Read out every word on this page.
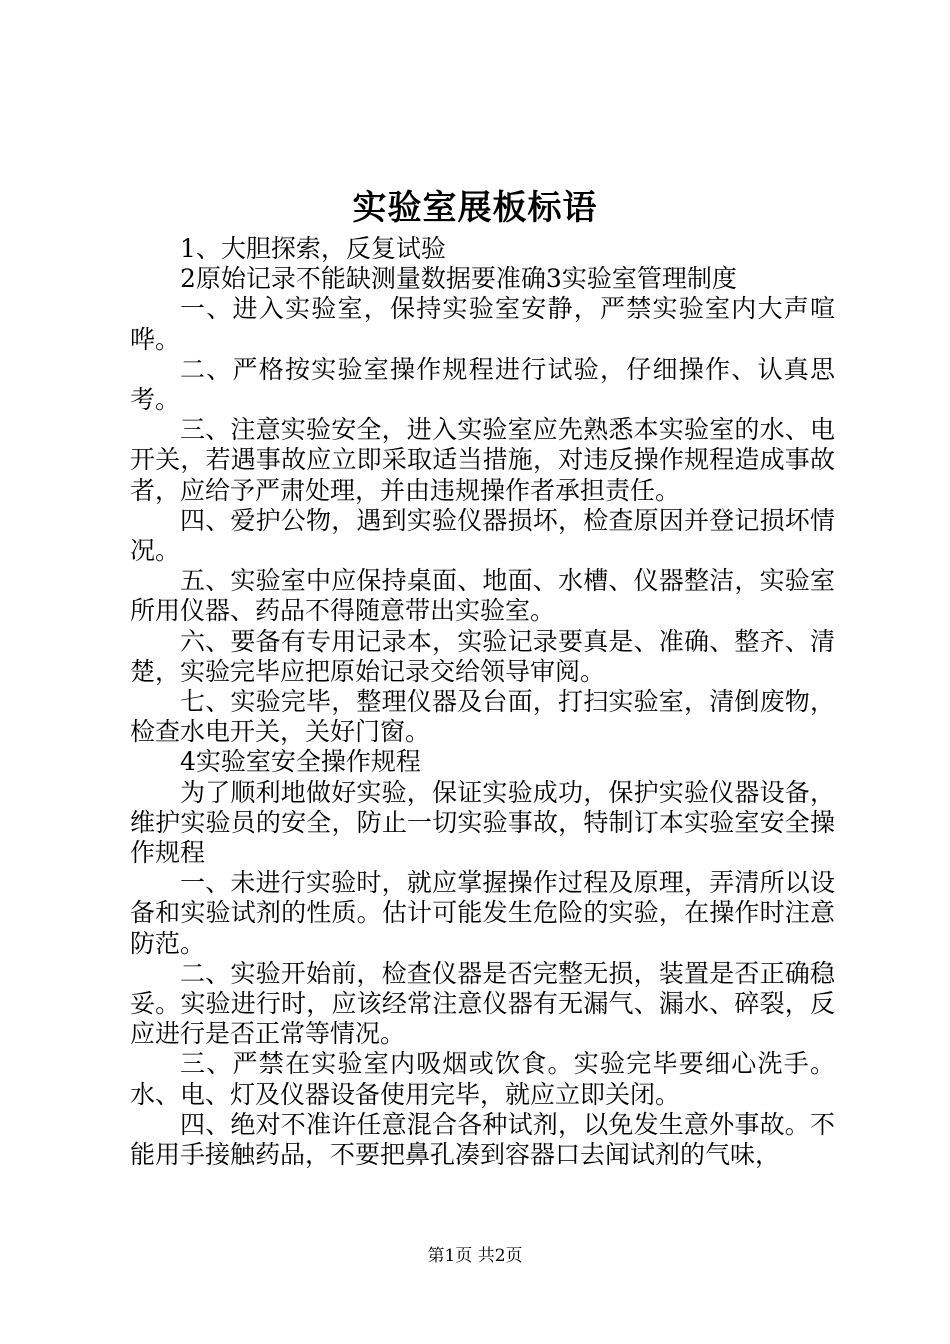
实验室展板标语

1、大胆探索，反复试验

2原始记录不能缺测量数据要准确3实验室管理制度

一、进入实验室，保持实验室安静，严禁实验室内大声喧哗。

二、严格按实验室操作规程进行试验，仔细操作、认真思考。

三、注意实验安全，进入实验室应先熟悉本实验室的水、电开关，若遇事故应立即采取适当措施，对违反操作规程造成事故者，应给予严肃处理，并由违规操作者承担责任。

四、爱护公物，遇到实验仪器损坏，检查原因并登记损坏情况。

五、实验室中应保持桌面、地面、水槽、仪器整洁，实验室所用仪器、药品不得随意带出实验室。

六、要备有专用记录本，实验记录要真是、准确、整齐、清楚，实验完毕应把原始记录交给领导审阅。

七、实验完毕，整理仪器及台面，打扫实验室，清倒废物，检查水电开关，关好门窗。

4实验室安全操作规程

为了顺利地做好实验，保证实验成功，保护实验仪器设备，维护实验员的安全，防止一切实验事故，特制订本实验室安全操作规程

一、未进行实验时，就应掌握操作过程及原理，弄清所以设备和实验试剂的性质。估计可能发生危险的实验，在操作时注意防范。

二、实验开始前，检查仪器是否完整无损，装置是否正确稳妥。实验进行时，应该经常注意仪器有无漏气、漏水、碎裂，反应进行是否正常等情况。

三、严禁在实验室内吸烟或饮食。实验完毕要细心洗手。水、电、灯及仪器设备使用完毕，就应立即关闭。

四、绝对不准许任意混合各种试剂，以免发生意外事故。不能用手接触药品，不要把鼻孔凑到容器口去闻试剂的气味，

第1页 共2页
